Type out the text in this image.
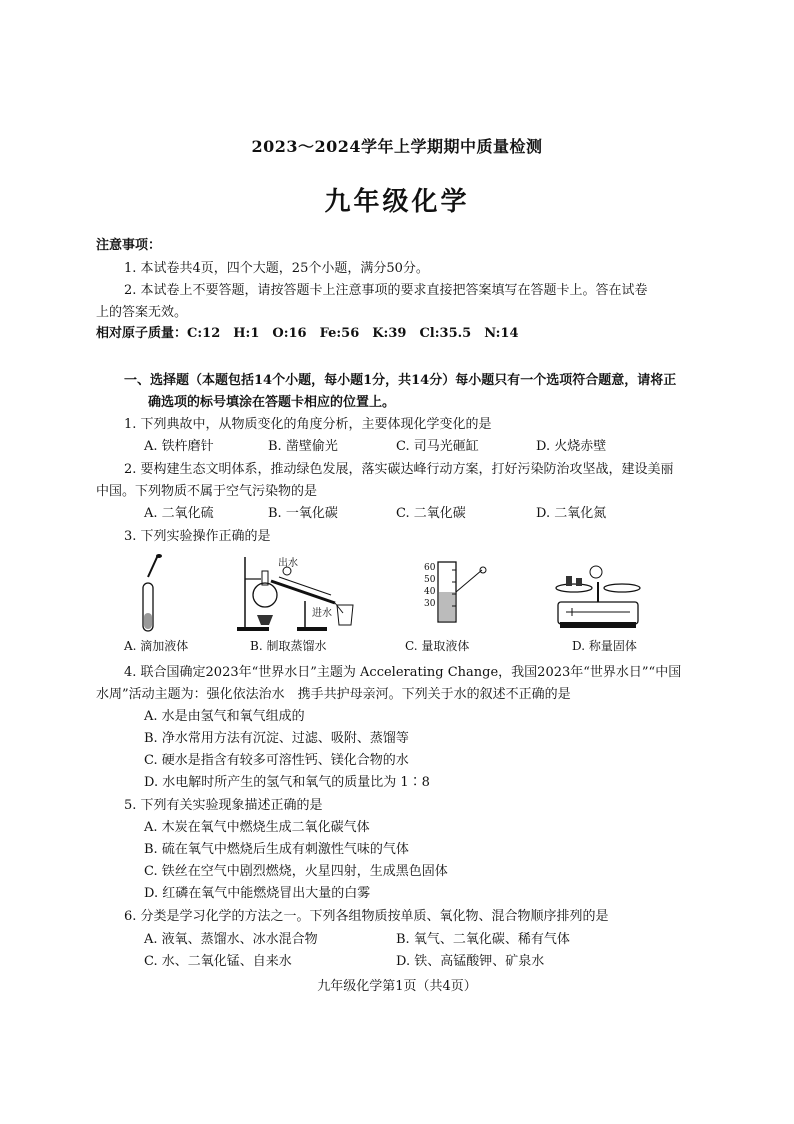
2023～2024学年上学期期中质量检测
九年级化学
注意事项：
1. 本试卷共4页，四个大题，25个小题，满分50分。
2. 本试卷上不要答题，请按答题卡上注意事项的要求直接把答案填写在答题卡上。答在试卷
上的答案无效。
相对原子质量：C:12　H:1　O:16　Fe:56　K:39　Cl:35.5　N:14
一、选择题（本题包括14个小题，每小题1分，共14分）每小题只有一个选项符合题意，请将正
确选项的标号填涂在答题卡相应的位置上。
1. 下列典故中，从物质变化的角度分析，主要体现化学变化的是
A. 铁杵磨针	B. 凿壁偷光	C. 司马光砸缸	D. 火烧赤壁
2. 要构建生态文明体系，推动绿色发展，落实碳达峰行动方案，打好污染防治攻坚战，建设美丽
中国。下列物质不属于空气污染物的是
A. 二氧化硫	B. 一氧化碳	C. 二氧化碳	D. 二氧化氮
3. 下列实验操作正确的是
A. 滴加液体
出水
进水
B. 制取蒸馏水
60
50
40
30
C. 量取液体	D. 称量固体
4. 联合国确定2023年“世界水日”主题为 Accelerating Change，我国2023年“世界水日”“中国
水周”活动主题为：强化依法治水　携手共护母亲河。下列关于水的叙述不正确的是
A. 水是由氢气和氧气组成的
B. 净水常用方法有沉淀、过滤、吸附、蒸馏等
C. 硬水是指含有较多可溶性钙、镁化合物的水
D. 水电解时所产生的氢气和氧气的质量比为 1∶8
5. 下列有关实验现象描述正确的是
A. 木炭在氧气中燃烧生成二氧化碳气体
B. 硫在氧气中燃烧后生成有刺激性气味的气体
C. 铁丝在空气中剧烈燃烧，火星四射，生成黑色固体
D. 红磷在氧气中能燃烧冒出大量的白雾
6. 分类是学习化学的方法之一。下列各组物质按单质、氧化物、混合物顺序排列的是
A. 液氧、蒸馏水、冰水混合物	B. 氧气、二氧化碳、稀有气体
C. 水、二氧化锰、自来水	D. 铁、高锰酸钾、矿泉水
九年级化学第1页（共4页）
